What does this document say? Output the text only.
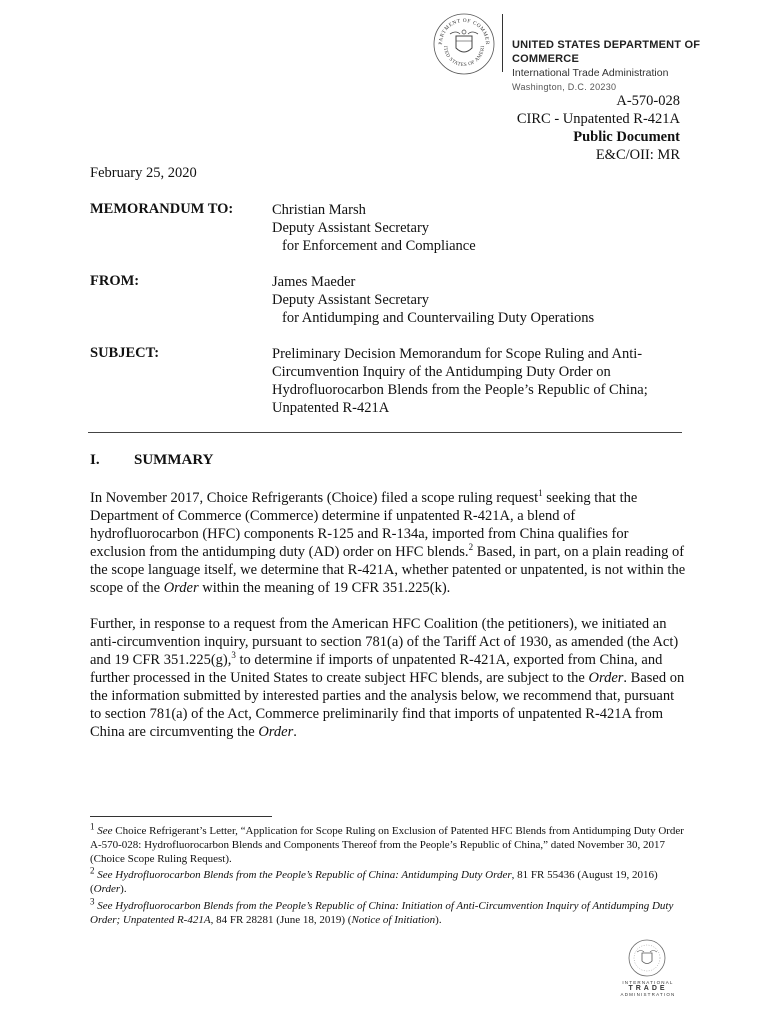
PARTMENT OF COMMER
ITED STATES OF AMERI UNITED STATES DEPARTMENT OF COMMERCE
International Trade Administration
Washington, D.C. 20230
A-570-028
CIRC - Unpatented R-421A
Public Document
E&C/OII: MR
February 25, 2020
MEMORANDUM TO:	Christian Marsh
Deputy Assistant Secretary
for Enforcement and Compliance
FROM:	James Maeder
Deputy Assistant Secretary
for Antidumping and Countervailing Duty Operations
SUBJECT:	Preliminary Decision Memorandum for Scope Ruling and Anti-
Circumvention Inquiry of the Antidumping Duty Order on
Hydrofluorocarbon Blends from the People’s Republic of China;
Unpatented R-421A
I. SUMMARY
In November 2017, Choice Refrigerants (Choice) filed a scope ruling request$^1$ seeking that the Department of Commerce (Commerce) determine if unpatented R-421A, a blend of hydrofluorocarbon (HFC) components R-125 and R-134a, imported from China qualifies for exclusion from the antidumping duty (AD) order on HFC blends.$^2$ Based, in part, on a plain reading of the scope language itself, we determine that R-421A, whether patented or unpatented, is not within the scope of the Order within the meaning of 19 CFR 351.225(k).
Further, in response to a request from the American HFC Coalition (the petitioners), we initiated an anti-circumvention inquiry, pursuant to section 781(a) of the Tariff Act of 1930, as amended (the Act) and 19 CFR 351.225(g),$^3$ to determine if imports of unpatented R-421A, exported from China, and further processed in the United States to create subject HFC blends, are subject to the Order. Based on the information submitted by interested parties and the analysis below, we recommend that, pursuant to section 781(a) of the Act, Commerce preliminarily find that imports of unpatented R-421A from China are circumventing the Order.
$^1$ See Choice Refrigerant’s Letter, “Application for Scope Ruling on Exclusion of Patented HFC Blends from Antidumping Duty Order A-570-028: Hydrofluorocarbon Blends and Components Thereof from the People’s Republic of China,” dated November 30, 2017 (Choice Scope Ruling Request).
$^2$ See Hydrofluorocarbon Blends from the People’s Republic of China: Antidumping Duty Order, 81 FR 55436 (August 19, 2016) (Order).
$^3$ See Hydrofluorocarbon Blends from the People’s Republic of China: Initiation of Anti-Circumvention Inquiry of Antidumping Duty Order; Unpatented R-421A, 84 FR 28281 (June 18, 2019) (Notice of Initiation).
INTERNATIONAL
TRADE
ADMINISTRATION
